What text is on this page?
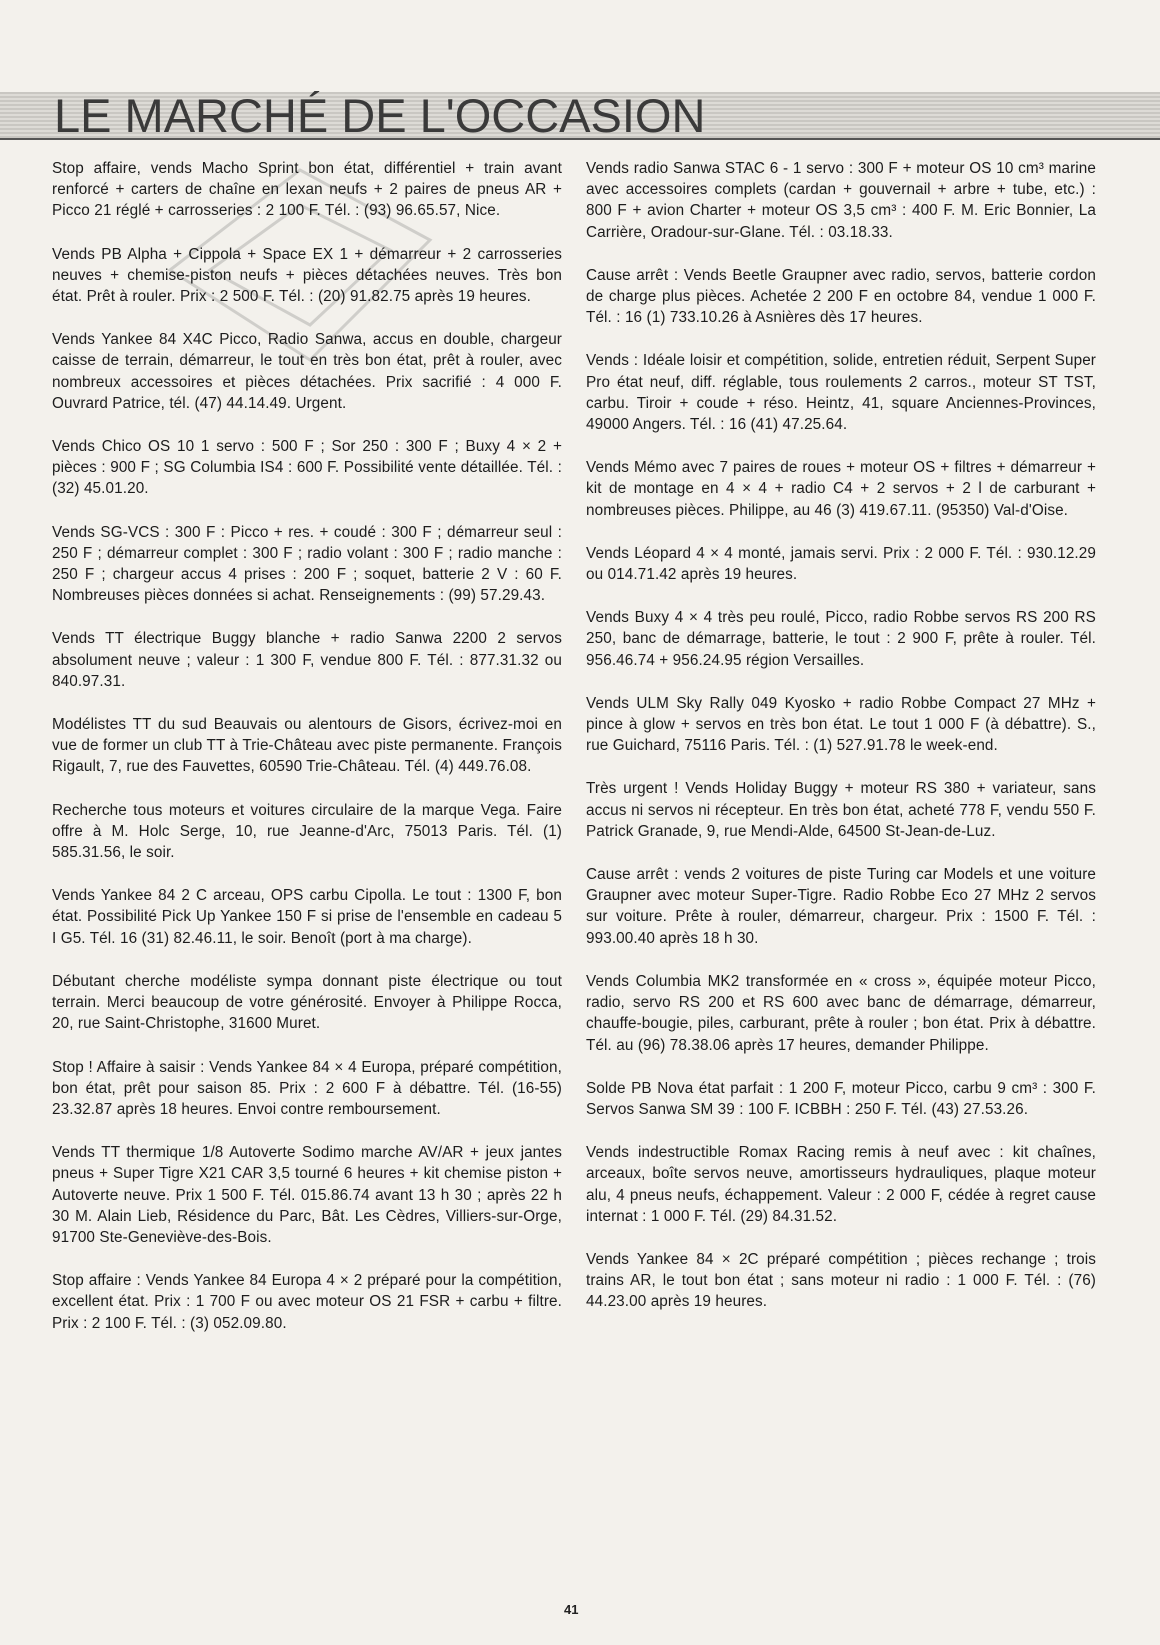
LE MARCHÉ DE L'OCCASION

Stop affaire, vends Macho Sprint bon état, différentiel + train avant renforcé + carters de chaîne en lexan neufs + 2 paires de pneus AR + Picco 21 réglé + carrosseries : 2 100 F. Tél. : (93) 96.65.57, Nice.

Vends PB Alpha + Cippola + Space EX 1 + démarreur + 2 carrosseries neuves + chemise-piston neufs + pièces détachées neuves. Très bon état. Prêt à rouler. Prix : 2 500 F. Tél. : (20) 91.82.75 après 19 heures.

Vends Yankee 84 X4C Picco, Radio Sanwa, accus en double, chargeur caisse de terrain, démarreur, le tout en très bon état, prêt à rouler, avec nombreux accessoires et pièces détachées. Prix sacrifié : 4 000 F. Ouvrard Patrice, tél. (47) 44.14.49. Urgent.

Vends Chico OS 10 1 servo : 500 F ; Sor 250 : 300 F ; Buxy 4 × 2 + pièces : 900 F ; SG Columbia IS4 : 600 F. Possibilité vente détaillée. Tél. : (32) 45.01.20.

Vends SG-VCS : 300 F : Picco + res. + coudé : 300 F ; démarreur seul : 250 F ; démarreur complet : 300 F ; radio volant : 300 F ; radio manche : 250 F ; chargeur accus 4 prises : 200 F ; soquet, batterie 2 V : 60 F. Nombreuses pièces données si achat. Renseignements : (99) 57.29.43.

Vends TT électrique Buggy blanche + radio Sanwa 2200 2 servos absolument neuve ; valeur : 1 300 F, vendue 800 F. Tél. : 877.31.32 ou 840.97.31.

Modélistes TT du sud Beauvais ou alentours de Gisors, écrivez-moi en vue de former un club TT à Trie-Château avec piste permanente. François Rigault, 7, rue des Fauvettes, 60590 Trie-Château. Tél. (4) 449.76.08.

Recherche tous moteurs et voitures circulaire de la marque Vega. Faire offre à M. Holc Serge, 10, rue Jeanne-d'Arc, 75013 Paris. Tél. (1) 585.31.56, le soir.

Vends Yankee 84 2 C arceau, OPS carbu Cipolla. Le tout : 1300 F, bon état. Possibilité Pick Up Yankee 150 F si prise de l'ensemble en cadeau 5 I G5. Tél. 16 (31) 82.46.11, le soir. Benoît (port à ma charge).

Débutant cherche modéliste sympa donnant piste électrique ou tout terrain. Merci beaucoup de votre générosité. Envoyer à Philippe Rocca, 20, rue Saint-Christophe, 31600 Muret.

Stop ! Affaire à saisir : Vends Yankee 84 × 4 Europa, préparé compétition, bon état, prêt pour saison 85. Prix : 2 600 F à débattre. Tél. (16-55) 23.32.87 après 18 heures. Envoi contre remboursement.

Vends TT thermique 1/8 Autoverte Sodimo marche AV/AR + jeux jantes pneus + Super Tigre X21 CAR 3,5 tourné 6 heures + kit chemise piston + Autoverte neuve. Prix 1 500 F. Tél. 015.86.74 avant 13 h 30 ; après 22 h 30 M. Alain Lieb, Résidence du Parc, Bât. Les Cèdres, Villiers-sur-Orge, 91700 Ste-Geneviève-des-Bois.

Stop affaire : Vends Yankee 84 Europa 4 × 2 préparé pour la compétition, excellent état. Prix : 1 700 F ou avec moteur OS 21 FSR + carbu + filtre. Prix : 2 100 F. Tél. : (3) 052.09.80.

Vends radio Sanwa STAC 6 - 1 servo : 300 F + moteur OS 10 cm³ marine avec accessoires complets (cardan + gouvernail + arbre + tube, etc.) : 800 F + avion Charter + moteur OS 3,5 cm³ : 400 F. M. Eric Bonnier, La Carrière, Oradour-sur-Glane. Tél. : 03.18.33.

Cause arrêt : Vends Beetle Graupner avec radio, servos, batterie cordon de charge plus pièces. Achetée 2 200 F en octobre 84, vendue 1 000 F. Tél. : 16 (1) 733.10.26 à Asnières dès 17 heures.

Vends : Idéale loisir et compétition, solide, entretien réduit, Serpent Super Pro état neuf, diff. réglable, tous roulements 2 carros., moteur ST TST, carbu. Tiroir + coude + réso. Heintz, 41, square Anciennes-Provinces, 49000 Angers. Tél. : 16 (41) 47.25.64.

Vends Mémo avec 7 paires de roues + moteur OS + filtres + démarreur + kit de montage en 4 × 4 + radio C4 + 2 servos + 2 l de carburant + nombreuses pièces. Philippe, au 46 (3) 419.67.11. (95350) Val-d'Oise.

Vends Léopard 4 × 4 monté, jamais servi. Prix : 2 000 F. Tél. : 930.12.29 ou 014.71.42 après 19 heures.

Vends Buxy 4 × 4 très peu roulé, Picco, radio Robbe servos RS 200 RS 250, banc de démarrage, batterie, le tout : 2 900 F, prête à rouler. Tél. 956.46.74 + 956.24.95 région Versailles.

Vends ULM Sky Rally 049 Kyosko + radio Robbe Compact 27 MHz + pince à glow + servos en très bon état. Le tout 1 000 F (à débattre). S., rue Guichard, 75116 Paris. Tél. : (1) 527.91.78 le week-end.

Très urgent ! Vends Holiday Buggy + moteur RS 380 + variateur, sans accus ni servos ni récepteur. En très bon état, acheté 778 F, vendu 550 F. Patrick Granade, 9, rue Mendi-Alde, 64500 St-Jean-de-Luz.

Cause arrêt : vends 2 voitures de piste Turing car Models et une voiture Graupner avec moteur Super-Tigre. Radio Robbe Eco 27 MHz 2 servos sur voiture. Prête à rouler, démarreur, chargeur. Prix : 1500 F. Tél. : 993.00.40 après 18 h 30.

Vends Columbia MK2 transformée en « cross », équipée moteur Picco, radio, servo RS 200 et RS 600 avec banc de démarrage, démarreur, chauffe-bougie, piles, carburant, prête à rouler ; bon état. Prix à débattre. Tél. au (96) 78.38.06 après 17 heures, demander Philippe.

Solde PB Nova état parfait : 1 200 F, moteur Picco, carbu 9 cm³ : 300 F. Servos Sanwa SM 39 : 100 F. ICBBH : 250 F. Tél. (43) 27.53.26.

Vends indestructible Romax Racing remis à neuf avec : kit chaînes, arceaux, boîte servos neuve, amortisseurs hydrauliques, plaque moteur alu, 4 pneus neufs, échappement. Valeur : 2 000 F, cédée à regret cause internat : 1 000 F. Tél. (29) 84.31.52.

Vends Yankee 84 × 2C préparé compétition ; pièces rechange ; trois trains AR, le tout bon état ; sans moteur ni radio : 1 000 F. Tél. : (76) 44.23.00 après 19 heures.

41
